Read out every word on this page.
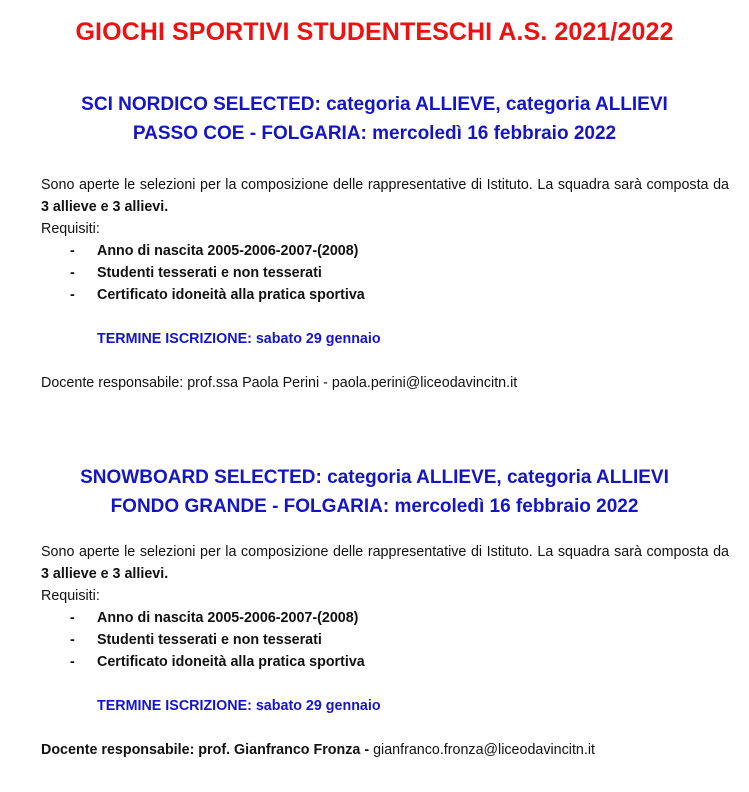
GIOCHI SPORTIVI STUDENTESCHI A.S. 2021/2022
SCI NORDICO SELECTED: categoria ALLIEVE, categoria ALLIEVI
PASSO COE - FOLGARIA: mercoledì 16 febbraio 2022
Sono aperte le selezioni per la composizione delle rappresentative di Istituto. La squadra sarà composta da 3 allieve e 3 allievi.
Requisiti:
- Anno di nascita 2005-2006-2007-(2008)
- Studenti tesserati e non tesserati
- Certificato idoneità alla pratica sportiva
TERMINE ISCRIZIONE: sabato 29 gennaio
Docente responsabile: prof.ssa Paola Perini - paola.perini@liceodavincitn.it
SNOWBOARD SELECTED: categoria ALLIEVE, categoria ALLIEVI
FONDO GRANDE - FOLGARIA: mercoledì 16 febbraio 2022
Sono aperte le selezioni per la composizione delle rappresentative di Istituto. La squadra sarà composta da 3 allieve e 3 allievi.
Requisiti:
- Anno di nascita 2005-2006-2007-(2008)
- Studenti tesserati e non tesserati
- Certificato idoneità alla pratica sportiva
TERMINE ISCRIZIONE: sabato 29 gennaio
Docente responsabile: prof. Gianfranco Fronza - gianfranco.fronza@liceodavincitn.it
